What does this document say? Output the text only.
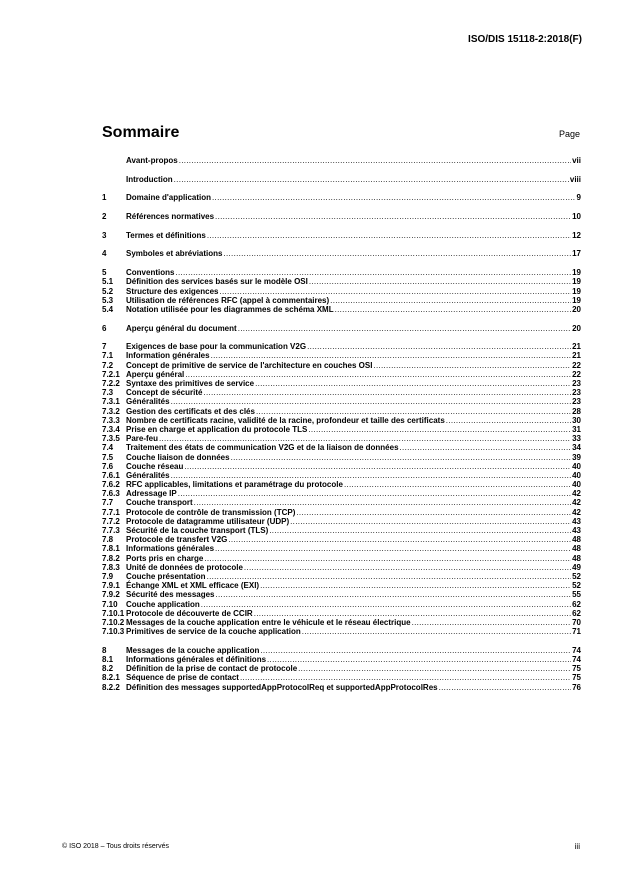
ISO/DIS 15118-2:2018(F)
Sommaire	Page
Avant-propos .....	vii
Introduction .....	viii
1	Domaine d'application .....	9
2	Références normatives .....	10
3	Termes et définitions .....	12
4	Symboles et abréviations .....	17
5	Conventions .....	19
5.1	Définition des services basés sur le modèle OSI .....	19
5.2	Structure des exigences .....	19
5.3	Utilisation de références RFC (appel à commentaires) .....	19
5.4	Notation utilisée pour les diagrammes de schéma XML .....	20
6	Aperçu général du document .....	20
7	Exigences de base pour la communication V2G .....	21
7.1	Information générales .....	21
7.2	Concept de primitive de service de l'architecture en couches OSI .....	22
7.2.1 Aperçu général .....	22
7.2.2 Syntaxe des primitives de service .....	23
7.3	Concept de sécurité .....	23
7.3.1 Généralités .....	23
7.3.2 Gestion des certificats et des clés .....	28
7.3.3 Nombre de certificats racine, validité de la racine, profondeur et taille des certificats .....	30
7.3.4 Prise en charge et application du protocole TLS .....	31
7.3.5 Pare-feu .....	33
7.4	Traitement des états de communication V2G et de la liaison de données .....	34
7.5	Couche liaison de données .....	39
7.6	Couche réseau .....	40
7.6.1 Généralités .....	40
7.6.2 RFC applicables, limitations et paramétrage du protocole .....	40
7.6.3 Adressage IP .....	42
7.7	Couche transport .....	42
7.7.1 Protocole de contrôle de transmission (TCP) .....	42
7.7.2 Protocole de datagramme utilisateur (UDP) .....	43
7.7.3 Sécurité de la couche transport (TLS) .....	43
7.8	Protocole de transfert V2G .....	48
7.8.1 Informations générales .....	48
7.8.2 Ports pris en charge .....	48
7.8.3 Unité de données de protocole .....	49
7.9	Couche présentation .....	52
7.9.1 Échange XML et XML efficace (EXI) .....	52
7.9.2 Sécurité des messages .....	55
7.10	Couche application .....	62
7.10.1 Protocole de découverte de CCIR .....	62
7.10.2 Messages de la couche application entre le véhicule et le réseau électrique .....	70
7.10.3 Primitives de service de la couche application .....	71
8	Messages de la couche application .....	74
8.1	Informations générales et définitions .....	74
8.2	Définition de la prise de contact de protocole .....	75
8.2.1 Séquence de prise de contact .....	75
8.2.2 Définition des messages supportedAppProtocolReq et supportedAppProtocolRes .....	76
© ISO 2018 – Tous droits réservés	iii
